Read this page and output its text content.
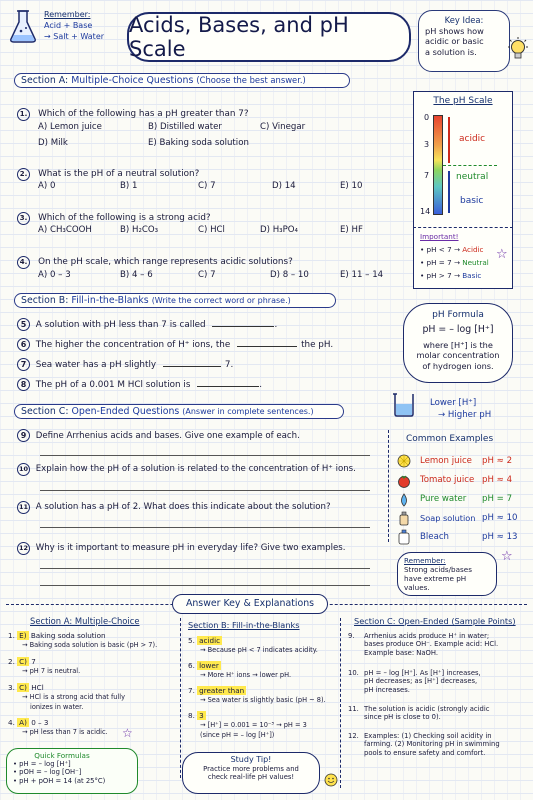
Remember:
Acid + Base
→ Salt + Water Acids, Bases, and pH Scale
Key Idea:
pH shows how
acidic or basic
a solution is.
Section A: Multiple-Choice Questions (Choose the best answer.)
1. Which of the following has a pH greater than 7?
A) Lemon juice	B) Distilled water	C) Vinegar
D) Milk	E) Baking soda solution
2. What is the pH of a neutral solution?
A) 0	B) 1	C) 7	D) 14	E) 10
3. Which of the following is a strong acid?
A) CH₃COOH	B) H₂CO₃	C) HCl	D) H₃PO₄	E) HF
4. On the pH scale, which range represents acidic solutions?
A) 0 – 3	B) 4 – 6	C) 7	D) 8 – 10	E) 11 – 14
The pH Scale
0
3
7
14
acidic
neutral
basic
Important!
• pH < 7 → Acidic
• pH = 7 → Neutral
• pH > 7 → Basic
☆
Section B: Fill-in-the-Blanks (Write the correct word or phrase.)
5 A solution with pH less than 7 is called	.
6 The higher the concentration of H⁺ ions, the	the pH.
7 Sea water has a pH slightly	7.
8 The pH of a 0.001 M HCl solution is	.
pH Formula
pH = – log [H⁺]
where [H⁺] is the
molar concentration
of hydrogen ions.
Lower [H⁺]
→ Higher pH
Section C: Open-Ended Questions (Answer in complete sentences.)
9 Define Arrhenius acids and bases. Give one example of each.
10 Explain how the pH of a solution is related to the concentration of H⁺ ions.
11 A solution has a pH of 2. What does this indicate about the solution?
12 Why is it important to measure pH in everyday life? Give two examples.
Common Examples
Lemon juice pH ≈ 2
Tomato juice pH ≈ 4
Pure water pH = 7
Soap solution pH ≈ 10
Bleach	pH ≈ 13
Remember:
Strong acids/bases
have extreme pH
values.
☆
Answer Key & Explanations
Section A: Multiple-Choice
1. E) Baking soda solution
→ Baking soda solution is basic (pH > 7).
2. C) 7
→ pH 7 is neutral.
3. C) HCl
→ HCl is a strong acid that fully
ionizes in water.
4. A) 0 – 3
→ pH less than 7 is acidic.
Quick Formulas
• pH = – log [H⁺]
• pOH = – log [OH⁻]
• pH + pOH = 14 (at 25°C)
☆
Section B: Fill-in-the-Blanks
5. acidic
→ Because pH < 7 indicates acidity.
6. lower
→ More H⁺ ions → lower pH.
7. greater than
→ Sea water is slightly basic (pH ~ 8).
8. 3
→ [H⁺] = 0.001 = 10⁻³ → pH = 3
(since pH = – log [H⁺])
Study Tip!
Practice more problems and
check real-life pH values!
Section C: Open-Ended (Sample Points)
9. Arrhenius acids produce H⁺ in water;
bases produce OH⁻. Example acid: HCl.
Example base: NaOH.
10. pH = – log [H⁺]. As [H⁺] increases,
pH decreases; as [H⁺] decreases,
pH increases.
11. The solution is acidic (strongly acidic
since pH is close to 0).
12. Examples: (1) Checking soil acidity in
farming. (2) Monitoring pH in swimming
pools to ensure safety and comfort.
